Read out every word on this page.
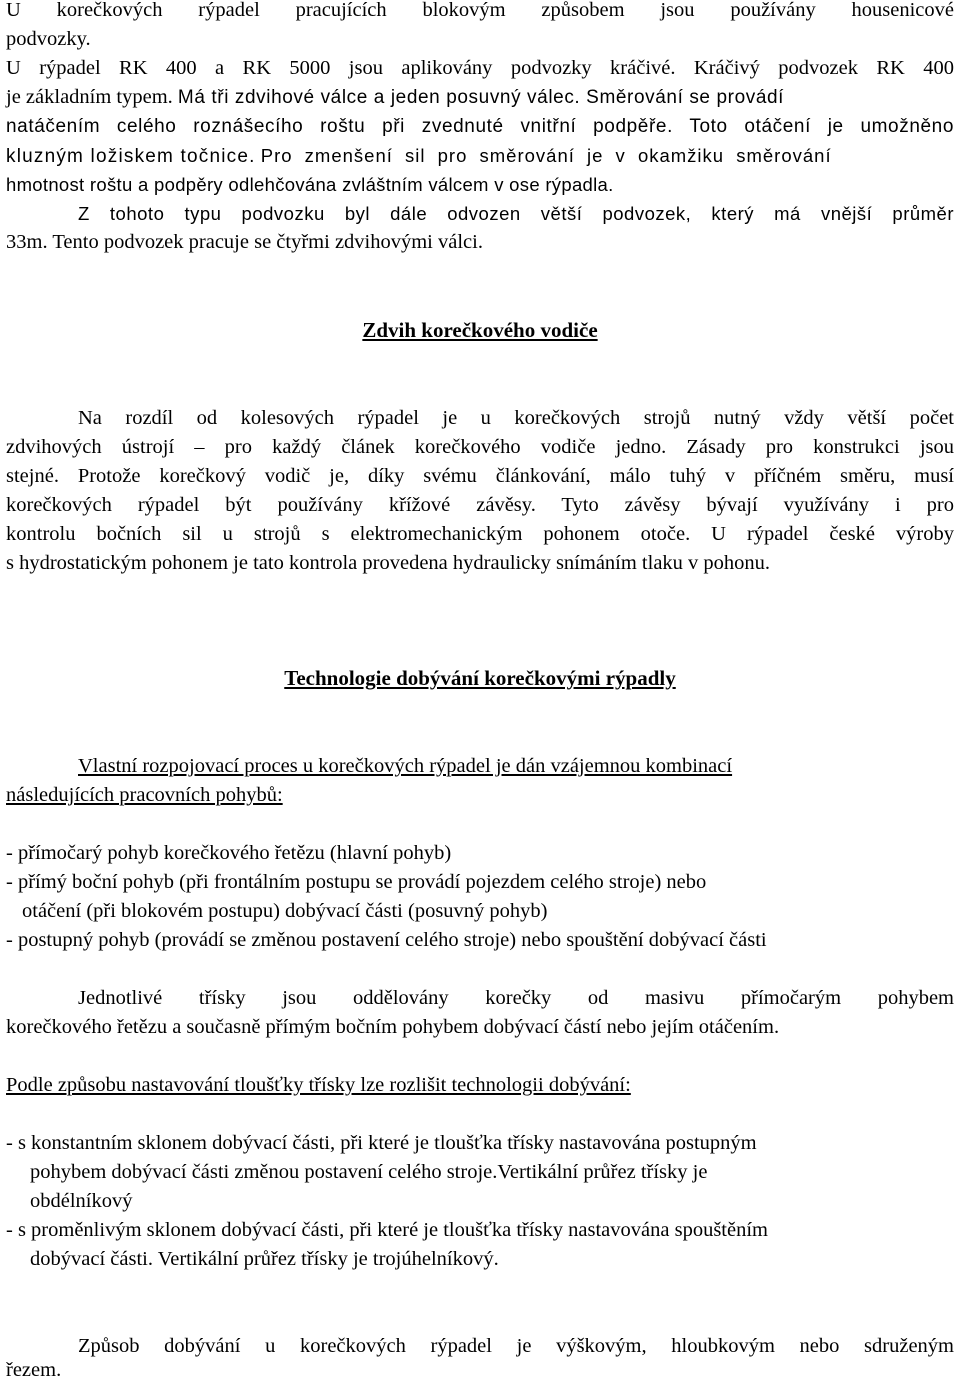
U korečkových rýpadel pracujících blokovým způsobem jsou používány housenicové
podvozky.
U rýpadel RK 400 a RK 5000 jsou aplikovány podvozky kráčivé. Kráčivý podvozek RK 400
je základním typem. Má tři zdvihové válce a jeden posuvný válec. Směrování se provádí
natáčením celého roznášecího roštu při zvednuté vnitřní podpěře. Toto otáčení je umožněno
kluzným ložiskem točnice. Pro zmenšení sil pro směrování je v okamžiku směrování
hmotnost roštu a podpěry odlehčována zvláštním válcem v ose rýpadla.
Z tohoto typu podvozku byl dále odvozen větší podvozek, který má vnější průměr
33m. Tento podvozek pracuje se čtyřmi zdvihovými válci.
Zdvih korečkového vodiče
Na rozdíl od kolesových rýpadel je u korečkových strojů nutný vždy větší počet
zdvihových ústrojí – pro každý článek korečkového vodiče jedno. Zásady pro konstrukci jsou
stejné. Protože korečkový vodič je, díky svému článkování, málo tuhý v příčném směru, musí
korečkových rýpadel být používány křížové závěsy. Tyto závěsy bývají využívány i pro
kontrolu bočních sil u strojů s elektromechanickým pohonem otoče. U rýpadel české výroby
s hydrostatickým pohonem je tato kontrola provedena hydraulicky snímáním tlaku v pohonu.
Technologie dobývání korečkovými rýpadly
Vlastní rozpojovací proces u korečkových rýpadel je dán vzájemnou kombinací
následujících pracovních pohybů:
- přímočarý pohyb korečkového řetězu (hlavní pohyb)
- přímý boční pohyb (při frontálním postupu se provádí pojezdem celého stroje) nebo
otáčení (při blokovém postupu) dobývací části (posuvný pohyb)
- postupný pohyb (provádí se změnou postavení celého stroje) nebo spouštění dobývací části
Jednotlivé třísky jsou oddělovány korečky od masivu přímočarým pohybem
korečkového řetězu a současně přímým bočním pohybem dobývací částí nebo jejím otáčením.
Podle způsobu nastavování tloušťky třísky lze rozlišit technologii dobývání:
- s konstantním sklonem dobývací části, při které je tloušťka třísky nastavována postupným
pohybem dobývací části změnou postavení celého stroje.Vertikální průřez třísky je
obdélníkový
- s proměnlivým sklonem dobývací části, při které je tloušťka třísky nastavována spouštěním
dobývací části. Vertikální průřez třísky je trojúhelníkový.
Způsob dobývání u korečkových rýpadel je výškovým, hloubkovým nebo sdruženým
řezem.
